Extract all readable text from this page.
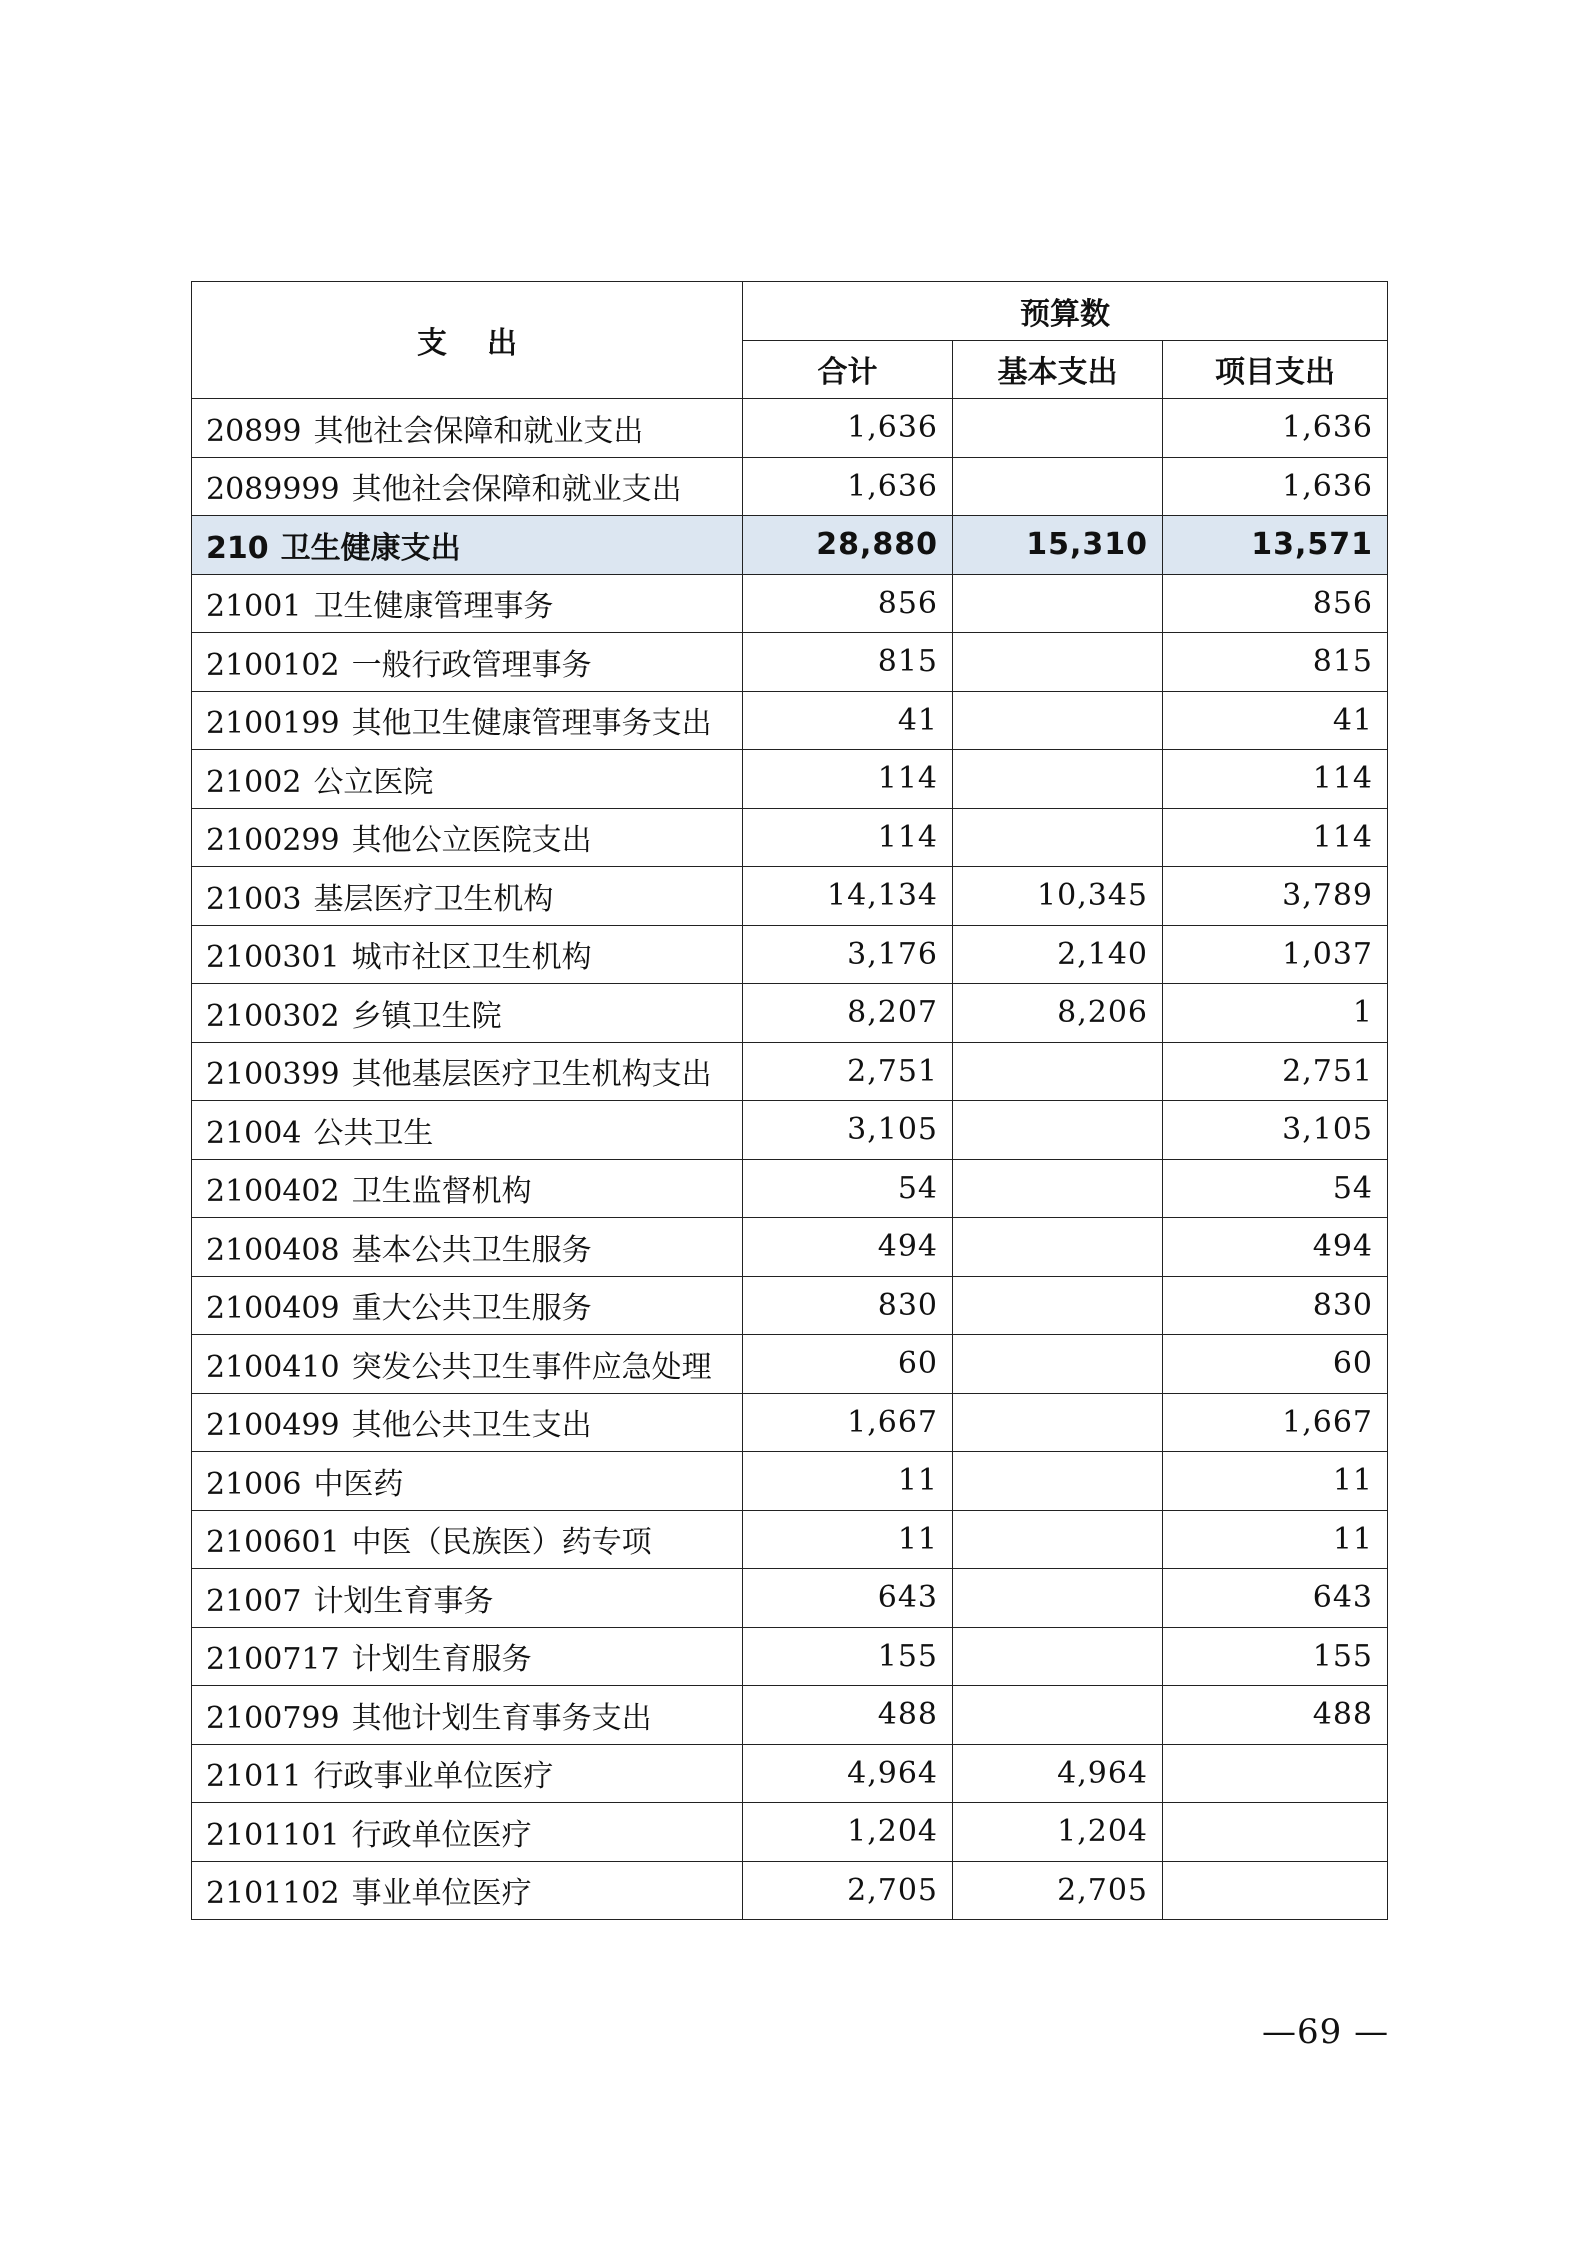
支出	预算数		
	合计	基本支出	项目支出
20899 其他社会保障和就业支出	1,636		1,636
2089999 其他社会保障和就业支出	1,636		1,636
210 卫生健康支出	28,880	15,310	13,571
21001 卫生健康管理事务	856		856
2100102 一般行政管理事务	815		815
2100199 其他卫生健康管理事务支出	41		41
21002 公立医院	114		114
2100299 其他公立医院支出	114		114
21003 基层医疗卫生机构	14,134	10,345	3,789
2100301 城市社区卫生机构	3,176	2,140	1,037
2100302 乡镇卫生院	8,207	8,206	1
2100399 其他基层医疗卫生机构支出	2,751		2,751
21004 公共卫生	3,105		3,105
2100402 卫生监督机构	54		54
2100408 基本公共卫生服务	494		494
2100409 重大公共卫生服务	830		830
2100410 突发公共卫生事件应急处理	60		60
2100499 其他公共卫生支出	1,667		1,667
21006 中医药	11		11
2100601 中医（民族医）药专项	11		11
21007 计划生育事务	643		643
2100717 计划生育服务	155		155
2100799 其他计划生育事务支出	488		488
21011 行政事业单位医疗	4,964	4,964	
2101101 行政单位医疗	1,204	1,204	
2101102 事业单位医疗	2,705	2,705	
—69 —
